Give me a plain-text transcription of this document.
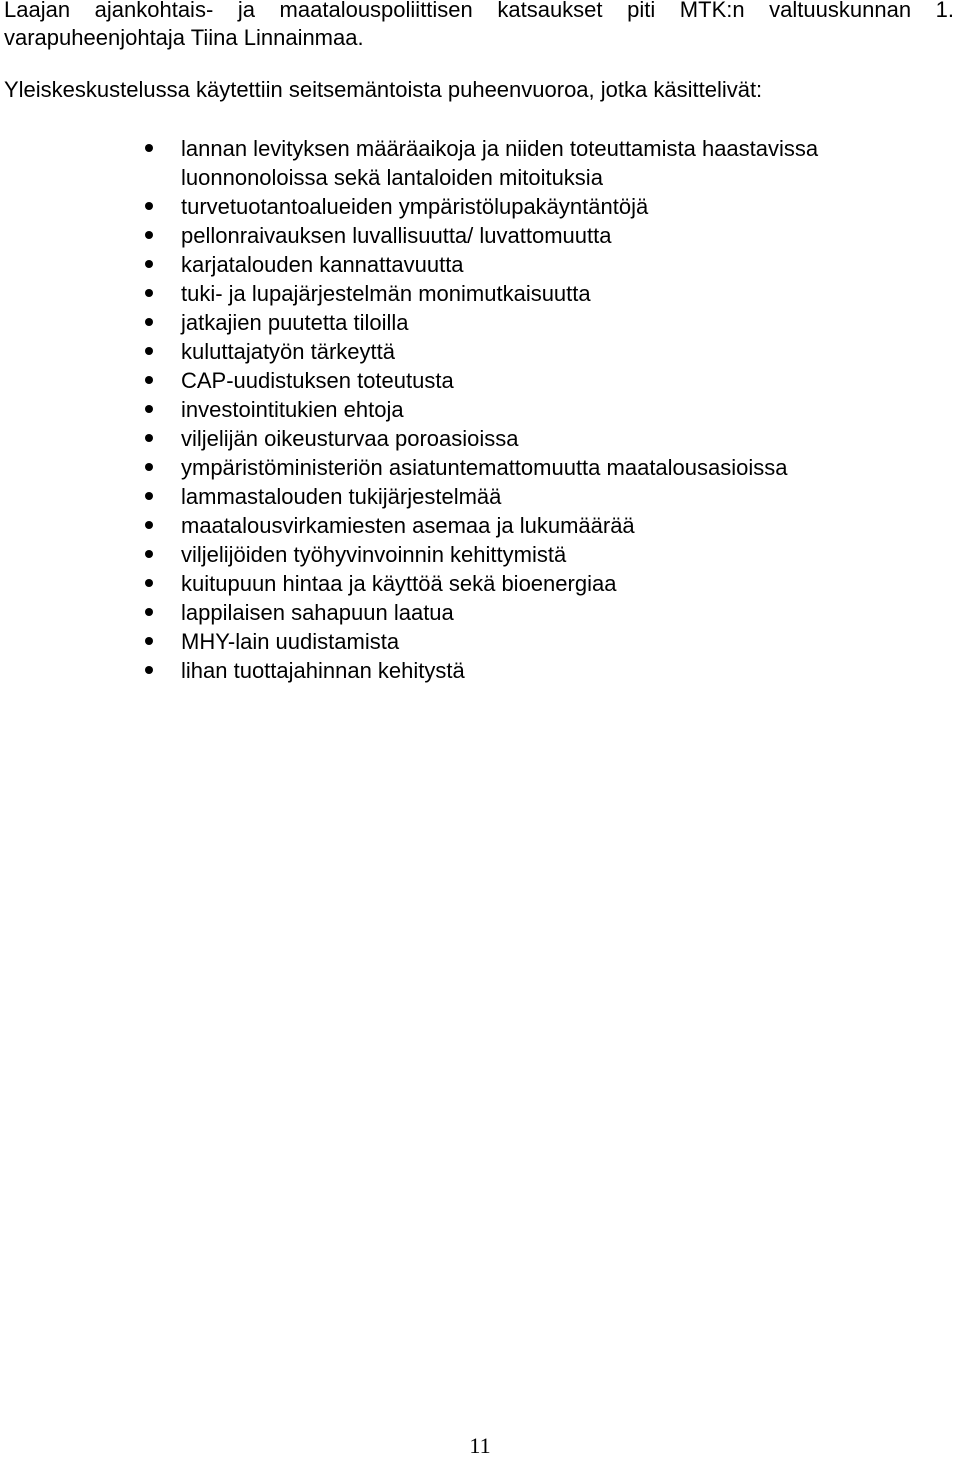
Laajan ajankohtais- ja maatalouspoliittisen katsaukset piti MTK:n valtuuskunnan 1.
varapuheenjohtaja Tiina Linnainmaa.

Yleiskeskustelussa käytettiin seitsemäntoista puheenvuoroa, jotka käsittelivät:

lannan levityksen määräaikoja ja niiden toteuttamista haastavissa
luonnonoloissa sekä lantaloiden mitoituksia
turvetuotantoalueiden ympäristölupakäyntäntöjä
pellonraivauksen luvallisuutta/ luvattomuutta
karjatalouden kannattavuutta
tuki- ja lupajärjestelmän monimutkaisuutta
jatkajien puutetta tiloilla
kuluttajatyön tärkeyttä
CAP-uudistuksen toteutusta
investointitukien ehtoja
viljelijän oikeusturvaa poroasioissa
ympäristöministeriön asiatuntemattomuutta maatalousasioissa
lammastalouden tukijärjestelmää
maatalousvirkamiesten asemaa ja lukumäärää
viljelijöiden työhyvinvoinnin kehittymistä
kuitupuun hintaa ja käyttöä sekä bioenergiaa
lappilaisen sahapuun laatua
MHY-lain uudistamista
lihan tuottajahinnan kehitystä
11
